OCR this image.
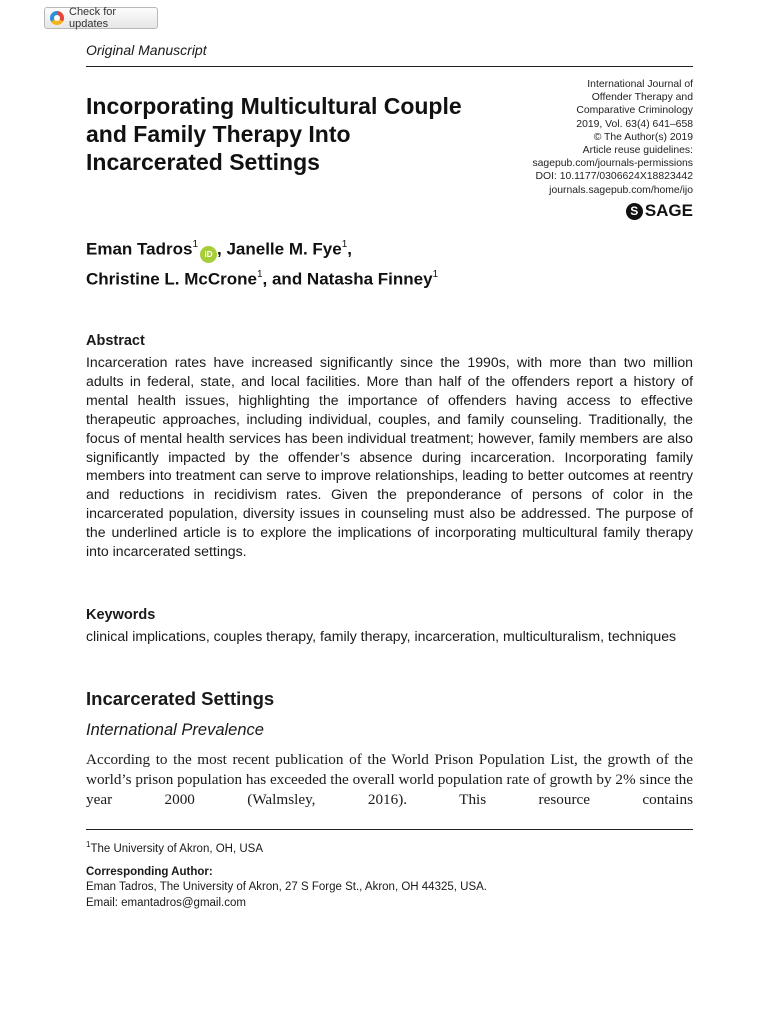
Check for updates
Original Manuscript
Incorporating Multicultural Couple and Family Therapy Into Incarcerated Settings
International Journal of
Offender Therapy and
Comparative Criminology
2019, Vol. 63(4) 641–658
© The Author(s) 2019
Article reuse guidelines:
sagepub.com/journals-permissions
DOI: 10.1177/0306624X18823442
journals.sagepub.com/home/ijo
S SAGE
Eman Tadros$^1$iD , Janelle M. Fye$^1$,
Christine L. McCrone$^1$, and Natasha Finney$^1$
Abstract

Incarceration rates have increased significantly since the 1990s, with more than two million adults in federal, state, and local facilities. More than half of the offenders report a history of mental health issues, highlighting the importance of offenders having access to effective therapeutic approaches, including individual, couples, and family counseling. Traditionally, the focus of mental health services has been individual treatment; however, family members are also significantly impacted by the offender’s absence during incarceration. Incorporating family members into treatment can serve to improve relationships, leading to better outcomes at reentry and reductions in recidivism rates. Given the preponderance of persons of color in the incarcerated population, diversity issues in counseling must also be addressed. The purpose of the underlined article is to explore the implications of incorporating multicultural family therapy into incarcerated settings.

Keywords

clinical implications, couples therapy, family therapy, incarceration, multiculturalism, techniques

Incarcerated Settings
International Prevalence

According to the most recent publication of the World Prison Population List, the growth of the world’s prison population has exceeded the overall world population rate of growth by 2% since the year 2000 (Walmsley, 2016). This resource contains

$^1$The University of Akron, OH, USA
Corresponding Author:
Eman Tadros, The University of Akron, 27 S Forge St., Akron, OH 44325, USA.
Email: emantadros@gmail.com
